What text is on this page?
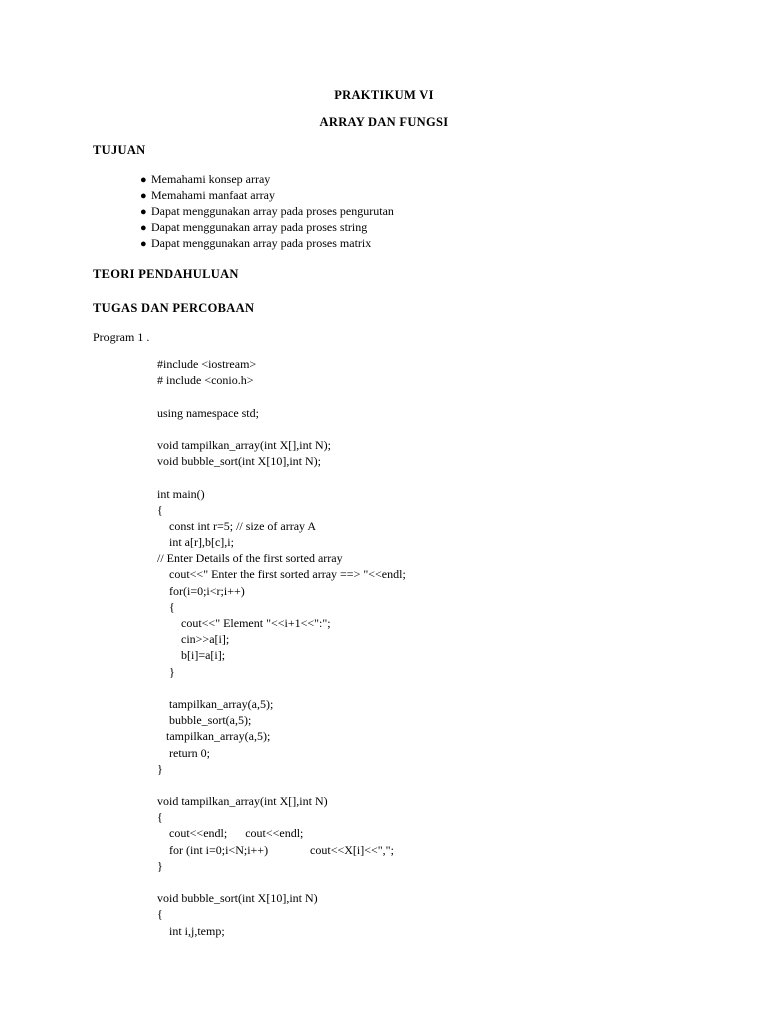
PRAKTIKUM VI
ARRAY DAN FUNGSI
TUJUAN
● Memahami konsep array
● Memahami manfaat array
● Dapat menggunakan array pada proses pengurutan
● Dapat menggunakan array pada proses string
● Dapat menggunakan array pada proses matrix
TEORI PENDAHULUAN
TUGAS DAN PERCOBAAN
Program 1 .
#include <iostream>
# include <conio.h>
using namespace std;
void tampilkan_array(int X[],int N);
void bubble_sort(int X[10],int N);
int main()
{
const int r=5; // size of array A
int a[r],b[c],i;
// Enter Details of the first sorted array
cout<<" Enter the first sorted array ==> "<<endl;
for(i=0;i<r;i++)
{
cout<<" Element "<<i+1<<":";
cin>>a[i];
b[i]=a[i];
}
tampilkan_array(a,5);
bubble_sort(a,5);
tampilkan_array(a,5);
return 0;
}
void tampilkan_array(int X[],int N)
{
cout<<endl;      cout<<endl;
for (int i=0;i<N;i++)              cout<<X[i]<<",";
}
void bubble_sort(int X[10],int N)
{
int i,j,temp;
